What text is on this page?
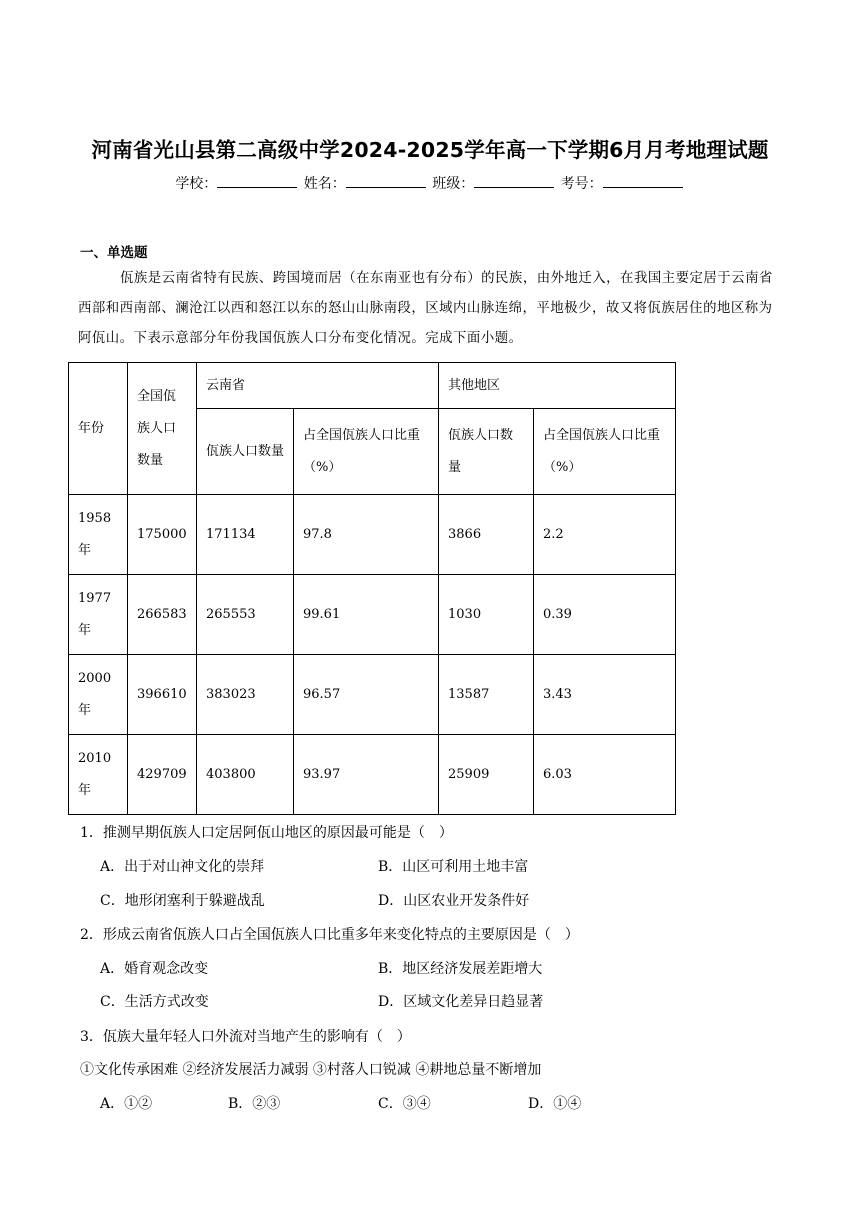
河南省光山县第二高级中学2024-2025学年高一下学期6月月考地理试题
学校：	姓名：	班级：	考号：
一、单选题

佤族是云南省特有民族、跨国境而居（在东南亚也有分布）的民族，由外地迁入，在我国主要定居于云南省西部和西南部、澜沧江以西和怒江以东的怒山山脉南段，区域内山脉连绵，平地极少，故又将佤族居住的地区称为阿佤山。下表示意部分年份我国佤族人口分布变化情况。完成下面小题。

年份	全国佤族人口数量	云南省		其他地区	
		佤族人口数量	占全国佤族人口比重（%）	佤族人口数量	占全国佤族人口比重（%）
1958年	175000	171134	97.8	3866	2.2
1977年	266583	265553	99.61	1030	0.39
2000年	396610	383023	96.57	13587	3.43
2010年	429709	403800	93.97	25909	6.03
1．推测早期佤族人口定居阿佤山地区的原因最可能是（　）
A．出于对山神文化的崇拜	B．山区可利用土地丰富
C．地形闭塞利于躲避战乱	D．山区农业开发条件好
2．形成云南省佤族人口占全国佤族人口比重多年来变化特点的主要原因是（　）
A．婚育观念改变	B．地区经济发展差距增大
C．生活方式改变	D．区域文化差异日趋显著
3．佤族大量年轻人口外流对当地产生的影响有（　）
①文化传承困难 ②经济发展活力减弱 ③村落人口锐减 ④耕地总量不断增加
A．①②	B．②③	C．③④	D．①④
